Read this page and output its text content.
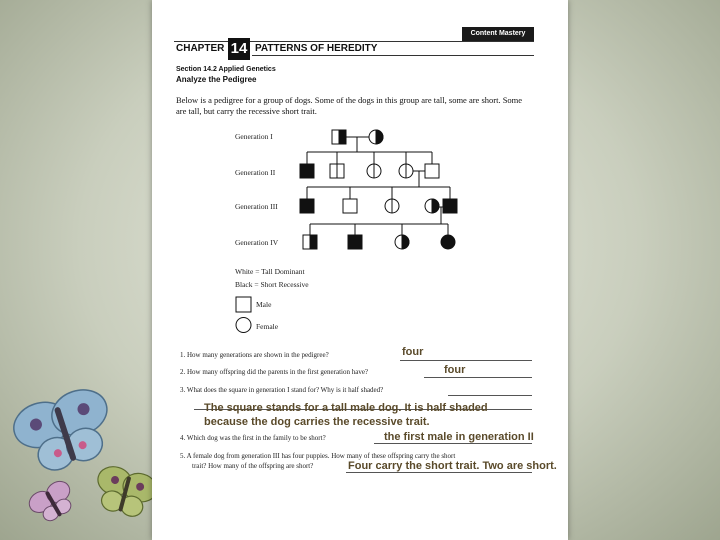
Content Mastery
CHAPTER 14 PATTERNS OF HEREDITY
Section 14.2 Applied Genetics
Analyze the Pedigree
Below is a pedigree for a group of dogs. Some of the dogs in this group are tall, some are short. Some are tall, but carry the recessive short trait.
Generation I
Generation II
Generation III
Generation IV
White = Tall Dominant
Black = Short Recessive
Male
Female
1. How many generations are shown in the pedigree?
2. How many offspring did the parents in the first generation have?
3. What does the square in generation I stand for? Why is it half shaded?
4. Which dog was the first in the family to be short?
5. A female dog from generation III has four puppies. How many of these offspring carry the short
trait? How many of the offspring are short?
four
four
The square stands for a tall male dog. It is half shaded
because the dog carries the recessive trait.
the first male in generation II
Four carry the short trait. Two are short.
